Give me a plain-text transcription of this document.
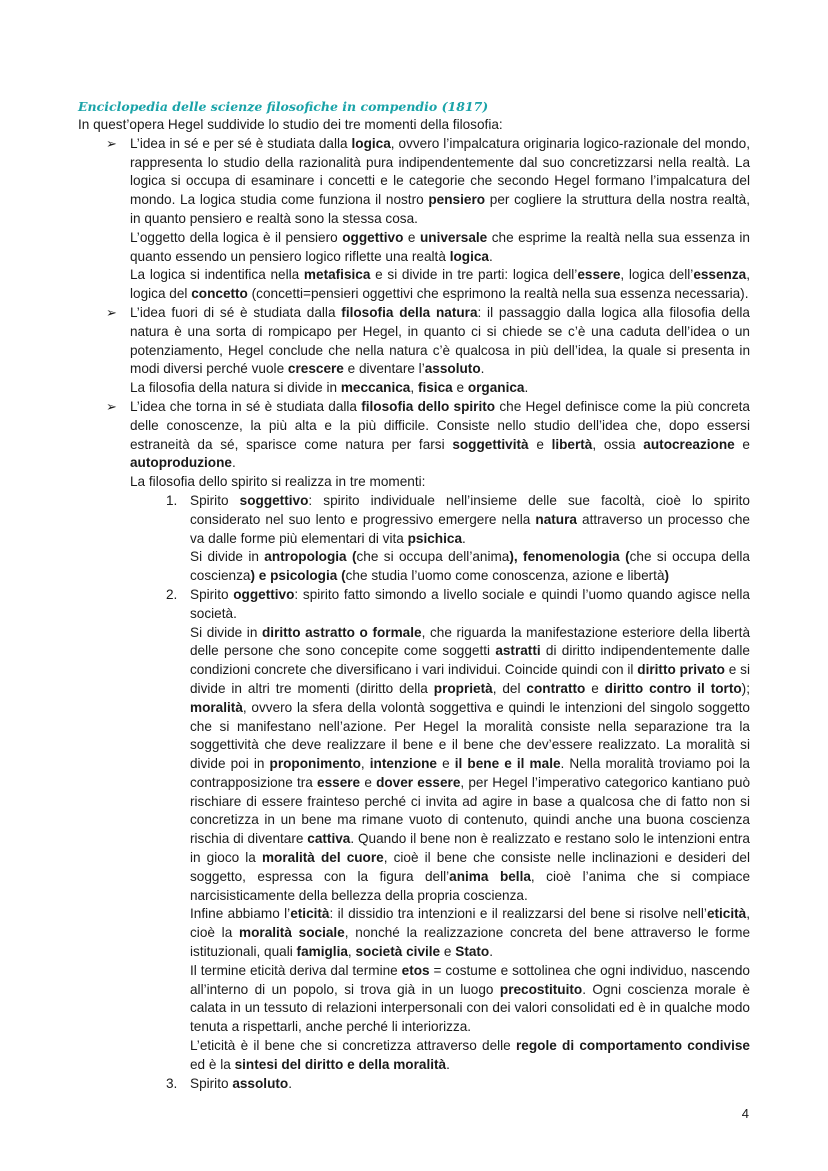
Enciclopedia delle scienze filosofiche in compendio (1817)

In quest’opera Hegel suddivide lo studio dei tre momenti della filosofia:

➢ L’idea in sé e per sé è studiata dalla logica, ovvero l’impalcatura originaria logico-razionale del mondo, rappresenta lo studio della razionalità pura indipendentemente dal suo concretizzarsi nella realtà. La logica si occupa di esaminare i concetti e le categorie che secondo Hegel formano l’impalcatura del mondo. La logica studia come funziona il nostro pensiero per cogliere la struttura della nostra realtà, in quanto pensiero e realtà sono la stessa cosa.

L’oggetto della logica è il pensiero oggettivo e universale che esprime la realtà nella sua essenza in quanto essendo un pensiero logico riflette una realtà logica.

La logica si indentifica nella metafisica e si divide in tre parti: logica dell’essere, logica dell’essenza, logica del concetto (concetti=pensieri oggettivi che esprimono la realtà nella sua essenza necessaria).

➢ L’idea fuori di sé è studiata dalla filosofia della natura: il passaggio dalla logica alla filosofia della natura è una sorta di rompicapo per Hegel, in quanto ci si chiede se c’è una caduta dell’idea o un potenziamento, Hegel conclude che nella natura c’è qualcosa in più dell’idea, la quale si presenta in modi diversi perché vuole crescere e diventare l’assoluto.

La filosofia della natura si divide in meccanica, fisica e organica.

➢ L’idea che torna in sé è studiata dalla filosofia dello spirito che Hegel definisce come la più concreta delle conoscenze, la più alta e la più difficile. Consiste nello studio dell’idea che, dopo essersi estraneità da sé, sparisce come natura per farsi soggettività e libertà, ossia autocreazione e autoproduzione.

La filosofia dello spirito si realizza in tre momenti:

1. Spirito soggettivo: spirito individuale nell’insieme delle sue facoltà, cioè lo spirito considerato nel suo lento e progressivo emergere nella natura attraverso un processo che va dalle forme più elementari di vita psichica.

Si divide in antropologia (che si occupa dell’anima), fenomenologia (che si occupa della coscienza) e psicologia (che studia l’uomo come conoscenza, azione e libertà)

2. Spirito oggettivo: spirito fatto simondo a livello sociale e quindi l’uomo quando agisce nella società.

Si divide in diritto astratto o formale, che riguarda la manifestazione esteriore della libertà delle persone che sono concepite come soggetti astratti di diritto indipendentemente dalle condizioni concrete che diversificano i vari individui. Coincide quindi con il diritto privato e si divide in altri tre momenti (diritto della proprietà, del contratto e diritto contro il torto); moralità, ovvero la sfera della volontà soggettiva e quindi le intenzioni del singolo soggetto che si manifestano nell’azione. Per Hegel la moralità consiste nella separazione tra la soggettività che deve realizzare il bene e il bene che dev’essere realizzato. La moralità si divide poi in proponimento, intenzione e il bene e il male. Nella moralità troviamo poi la contrapposizione tra essere e dover essere, per Hegel l’imperativo categorico kantiano può rischiare di essere frainteso perché ci invita ad agire in base a qualcosa che di fatto non si concretizza in un bene ma rimane vuoto di contenuto, quindi anche una buona coscienza rischia di diventare cattiva. Quando il bene non è realizzato e restano solo le intenzioni entra in gioco la moralità del cuore, cioè il bene che consiste nelle inclinazioni e desideri del soggetto, espressa con la figura dell’anima bella, cioè l’anima che si compiace narcisisticamente della bellezza della propria coscienza.

Infine abbiamo l’eticità: il dissidio tra intenzioni e il realizzarsi del bene si risolve nell’eticità, cioè la moralità sociale, nonché la realizzazione concreta del bene attraverso le forme istituzionali, quali famiglia, società civile e Stato.

Il termine eticità deriva dal termine etos = costume e sottolinea che ogni individuo, nascendo all’interno di un popolo, si trova già in un luogo precostituito. Ogni coscienza morale è calata in un tessuto di relazioni interpersonali con dei valori consolidati ed è in qualche modo tenuta a rispettarli, anche perché li interiorizza.

L’eticità è il bene che si concretizza attraverso delle regole di comportamento condivise ed è la sintesi del diritto e della moralità.

3. Spirito assoluto.

4
